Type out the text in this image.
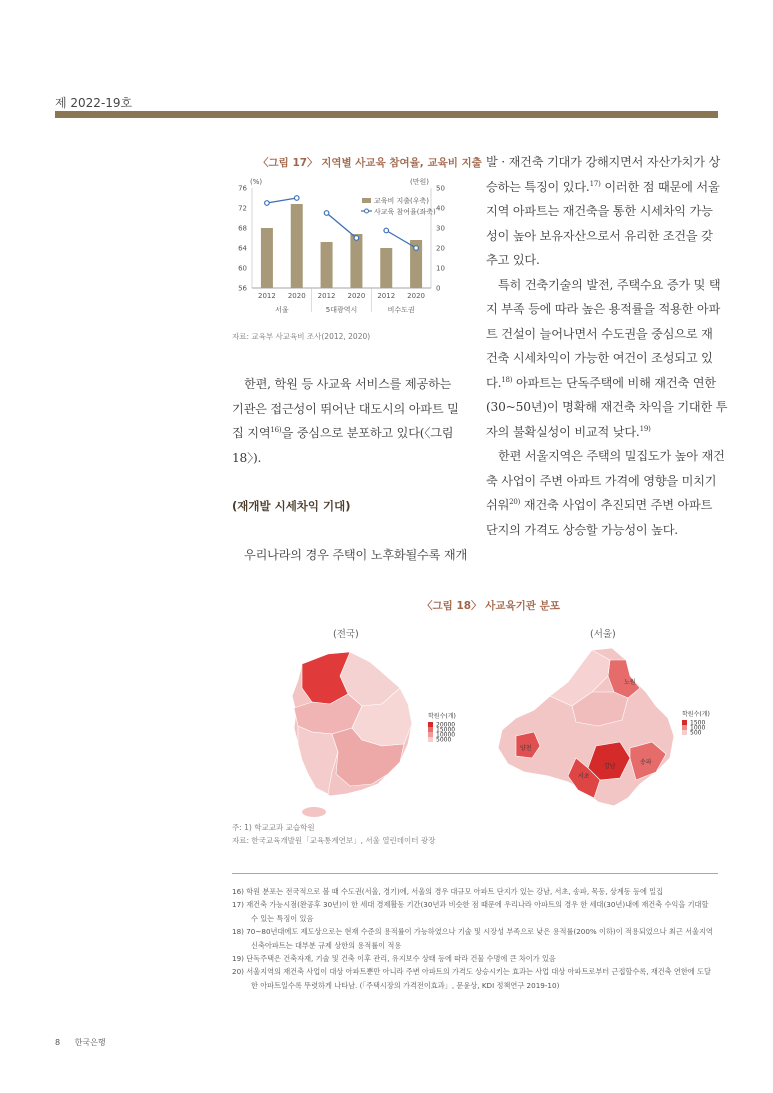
제 2022-19호
〈그림 17〉 지역별 사교육 참여율, 교육비 지출
(%)	(만원)
76
72
68
64
60
56
50
40
30
20
10
0
2012 2020 2012 2020 2012 2020
서울	5대광역시	비수도권
교육비 지출(우축)
사교육 참여율(좌축)
자료: 교육부 사교육비 조사(2012, 2020)

한편, 학원 등 사교육 서비스를 제공하는

기관은 접근성이 뛰어난 대도시의 아파트 밀

집 지역$^{16)}$을 중심으로 분포하고 있다(〈그림

18〉).

(재개발 시세차익 기대)

우리나라의 경우 주택이 노후화될수록 재개

발 · 재건축 기대가 강해지면서 자산가치가 상

승하는 특징이 있다.$^{17)}$ 이러한 점 때문에 서울

지역 아파트는 재건축을 통한 시세차익 가능

성이 높아 보유자산으로서 유리한 조건을 갖

추고 있다.

특히 건축기술의 발전, 주택수요 증가 및 택

지 부족 등에 따라 높은 용적률을 적용한 아파

트 건설이 늘어나면서 수도권을 중심으로 재

건축 시세차익이 가능한 여건이 조성되고 있

다.$^{18)}$ 아파트는 단독주택에 비해 재건축 연한

(30~50년)이 명확해 재건축 차익을 기대한 투

자의 불확실성이 비교적 낮다.$^{19)}$

한편 서울지역은 주택의 밀집도가 높아 재건

축 사업이 주변 아파트 가격에 영향을 미치기

쉬워$^{20)}$ 재건축 사업이 추진되면 주변 아파트

단지의 가격도 상승할 가능성이 높다.

〈그림 18〉 사교육기관 분포
(전국)	(서울)
학원수(개)
20000
15000
10000
5000
노원
양천
강남
서초
송파
학원수(개)
1500
1000
500
주: 1) 학교교과 교습학원
자료: 한국교육개발원「교육통계연보」, 서울 열린데이터 광장
16) 학원 분포는 전국적으로 볼 때 수도권(서울, 경기)에, 서울의 경우 대규모 아파트 단지가 있는 강남, 서초, 송파, 목동, 상계동 등에 밀집
17) 재건축 가능시점(완공후 30년)이 한 세대 경제활동 기간(30년과 비슷한 점 때문에 우리나라 아파트의 경우 한 세대(30년)내에 재건축 수익을 기대할
수 있는 특징이 있음
18) 70~80년대에도 제도상으로는 현재 수준의 용적률이 가능하였으나 기술 및 시장성 부족으로 낮은 용적률(200% 이하)이 적용되었으나 최근 서울지역
신축아파트는 대부분 규제 상한의 용적률이 적용
19) 단독주택은 건축자재, 기술 및 건축 이후 관리, 유지보수 상태 등에 따라 건물 수명에 큰 차이가 있음
20) 서울지역의 재건축 사업이 대상 아파트뿐만 아니라 주변 아파트의 가격도 상승시키는 효과는 사업 대상 아파트로부터 근접할수록, 재건축 연한에 도달
한 아파트일수록 뚜렷하게 나타남. (「주택시장의 가격전이효과」, 문윤상, KDI 정책연구 2019-10)
8 한국은행
